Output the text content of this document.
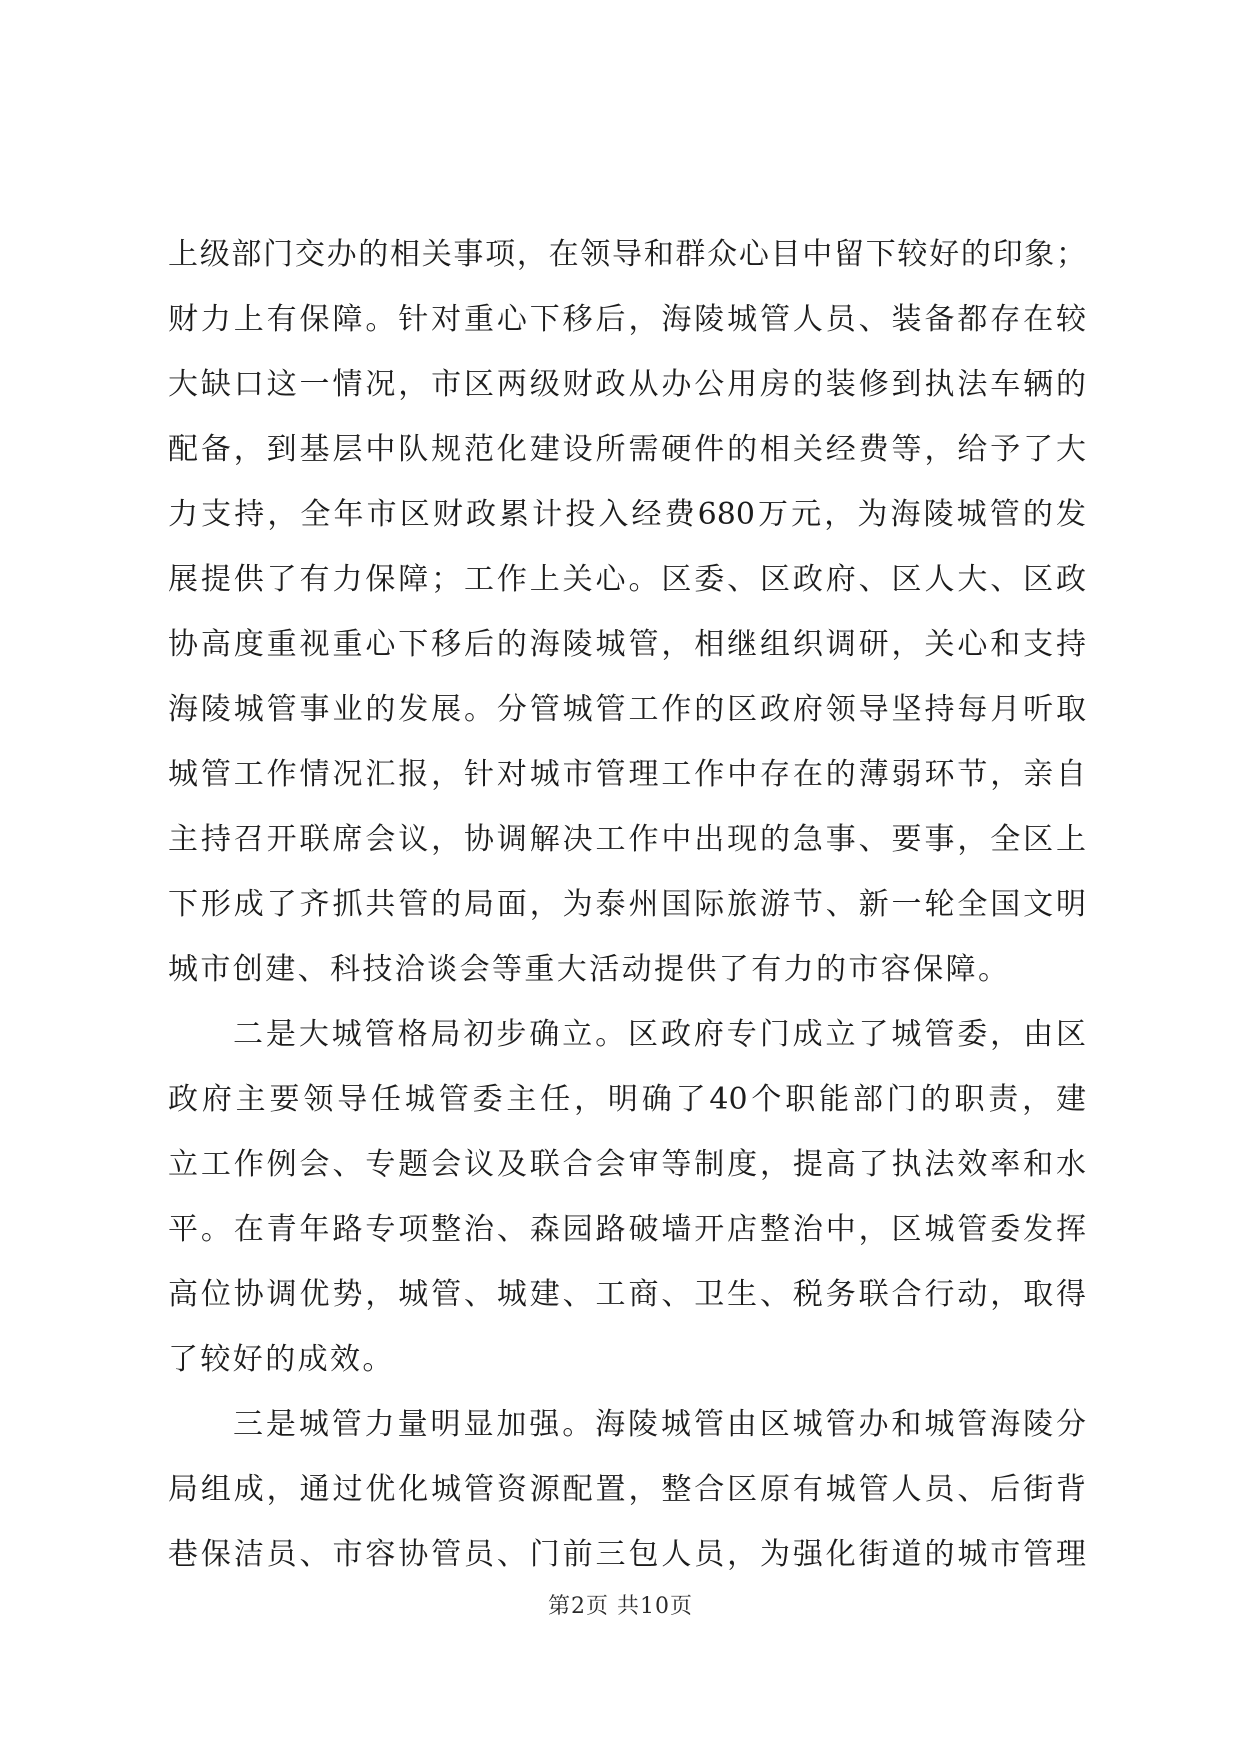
上级部门交办的相关事项，在领导和群众心目中留下较好的印象；
财力上有保障。针对重心下移后，海陵城管人员、装备都存在较
大缺口这一情况，市区两级财政从办公用房的装修到执法车辆的
配备，到基层中队规范化建设所需硬件的相关经费等，给予了大
力支持，全年市区财政累计投入经费680万元，为海陵城管的发
展提供了有力保障；工作上关心。区委、区政府、区人大、区政
协高度重视重心下移后的海陵城管，相继组织调研，关心和支持
海陵城管事业的发展。分管城管工作的区政府领导坚持每月听取
城管工作情况汇报，针对城市管理工作中存在的薄弱环节，亲自
主持召开联席会议，协调解决工作中出现的急事、要事，全区上
下形成了齐抓共管的局面，为泰州国际旅游节、新一轮全国文明
城市创建、科技洽谈会等重大活动提供了有力的市容保障。
二是大城管格局初步确立。区政府专门成立了城管委，由区
政府主要领导任城管委主任，明确了40个职能部门的职责，建
立工作例会、专题会议及联合会审等制度，提高了执法效率和水
平。在青年路专项整治、森园路破墙开店整治中，区城管委发挥
高位协调优势，城管、城建、工商、卫生、税务联合行动，取得
了较好的成效。
三是城管力量明显加强。海陵城管由区城管办和城管海陵分
局组成，通过优化城管资源配置，整合区原有城管人员、后街背
巷保洁员、市容协管员、门前三包人员，为强化街道的城市管理
第2页 共10页
